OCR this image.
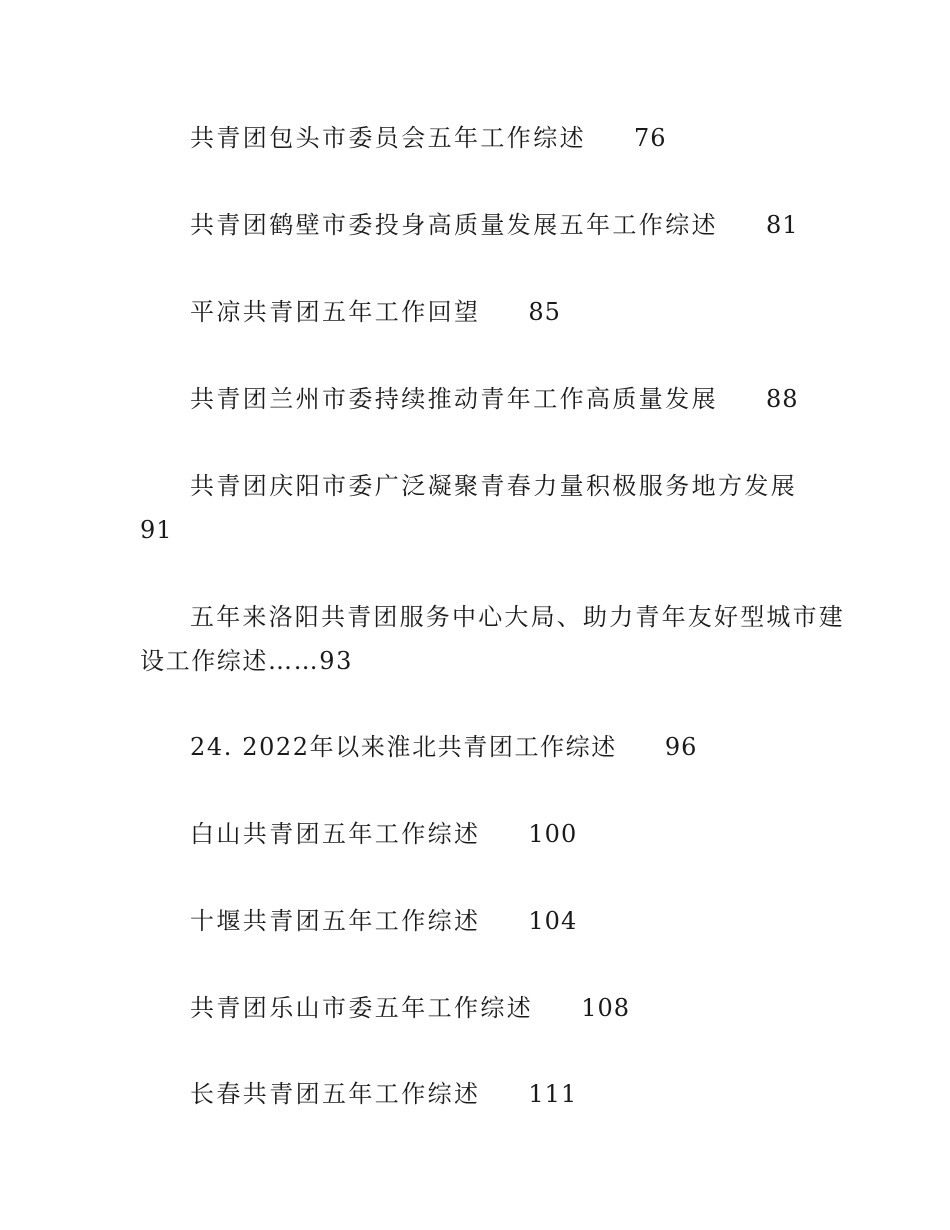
共青团包头市委员会五年工作综述 76
共青团鹤壁市委投身高质量发展五年工作综述 81
平凉共青团五年工作回望 85
共青团兰州市委持续推动青年工作高质量发展 88
共青团庆阳市委广泛凝聚青春力量积极服务地方发展
91
五年来洛阳共青团服务中心大局、助力青年友好型城市建
设工作综述……93
24. 2022年以来淮北共青团工作综述 96
白山共青团五年工作综述 100
十堰共青团五年工作综述 104
共青团乐山市委五年工作综述 108
长春共青团五年工作综述 111
